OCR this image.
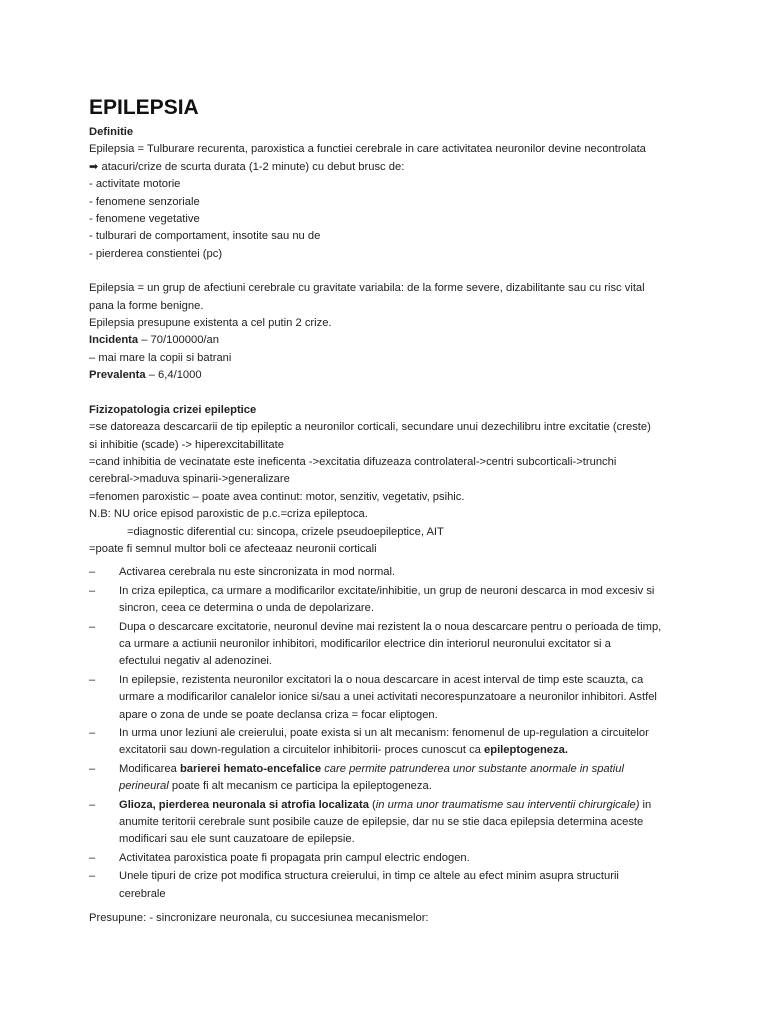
EPILEPSIA

Definitie

Epilepsia = Tulburare recurenta, paroxistica a functiei cerebrale in care activitatea neuronilor devine necontrolata

➡ atacuri/crize de scurta durata (1-2 minute) cu debut brusc de:

- activitate motorie

- fenomene senzoriale

- fenomene vegetative

- tulburari de comportament, insotite sau nu de

- pierderea constientei (pc)

Epilepsia = un grup de afectiuni cerebrale cu gravitate variabila: de la forme severe, dizabilitante sau cu risc vital

pana la forme benigne.

Epilepsia presupune existenta a cel putin 2 crize.

Incidenta – 70/100000/an

– mai mare la copii si batrani

Prevalenta – 6,4/1000

Fizizopatologia crizei epileptice

=se datoreaza descarcarii de tip epileptic a neuronilor corticali, secundare unui dezechilibru intre excitatie (creste)

si inhibitie (scade) -> hiperexcitabillitate

=cand inhibitia de vecinatate este ineficenta ->excitatia difuzeaza controlateral->centri subcorticali->trunchi

cerebral->maduva spinarii->generalizare

=fenomen paroxistic – poate avea continut: motor, senzitiv, vegetativ, psihic.

N.B: NU orice episod paroxistic de p.c.=criza epileptoca.

=diagnostic diferential cu: sincopa, crizele pseudoepileptice, AIT

=poate fi semnul multor boli ce afecteaaz neuronii corticali

– Activarea cerebrala nu este sincronizata in mod normal.
– In criza epileptica, ca urmare a modificarilor excitate/inhibitie, un grup de neuroni descarca in mod excesiv si
sincron, ceea ce determina o unda de depolarizare.
– Dupa o descarcare excitatorie, neuronul devine mai rezistent la o noua descarcare pentru o perioada de timp,
ca urmare a actiunii neuronilor inhibitori, modificarilor electrice din interiorul neuronului excitator si a
efectului negativ al adenozinei.
– In epilepsie, rezistenta neuronilor excitatori la o noua descarcare in acest interval de timp este scauzta, ca
urmare a modificarilor canalelor ionice si/sau a unei activitati necorespunzatoare a neuronilor inhibitori. Astfel
apare o zona de unde se poate declansa criza = focar eliptogen.
– In urma unor leziuni ale creierului, poate exista si un alt mecanism: fenomenul de up-regulation a circuitelor
excitatorii sau down-regulation a circuitelor inhibitorii- proces cunoscut ca epileptogeneza.
– Modificarea barierei hemato-encefalice care permite patrunderea unor substante anormale in spatiul
perineural poate fi alt mecanism ce participa la epileptogeneza.
– Glioza, pierderea neuronala si atrofia localizata (in urma unor traumatisme sau interventii chirurgicale) in
anumite teritorii cerebrale sunt posibile cauze de epilepsie, dar nu se stie daca epilepsia determina aceste
modificari sau ele sunt cauzatoare de epilepsie.
– Activitatea paroxistica poate fi propagata prin campul electric endogen.
– Unele tipuri de crize pot modifica structura creierului, in timp ce altele au efect minim asupra structurii
cerebrale

Presupune: - sincronizare neuronala, cu succesiunea mecanismelor:
